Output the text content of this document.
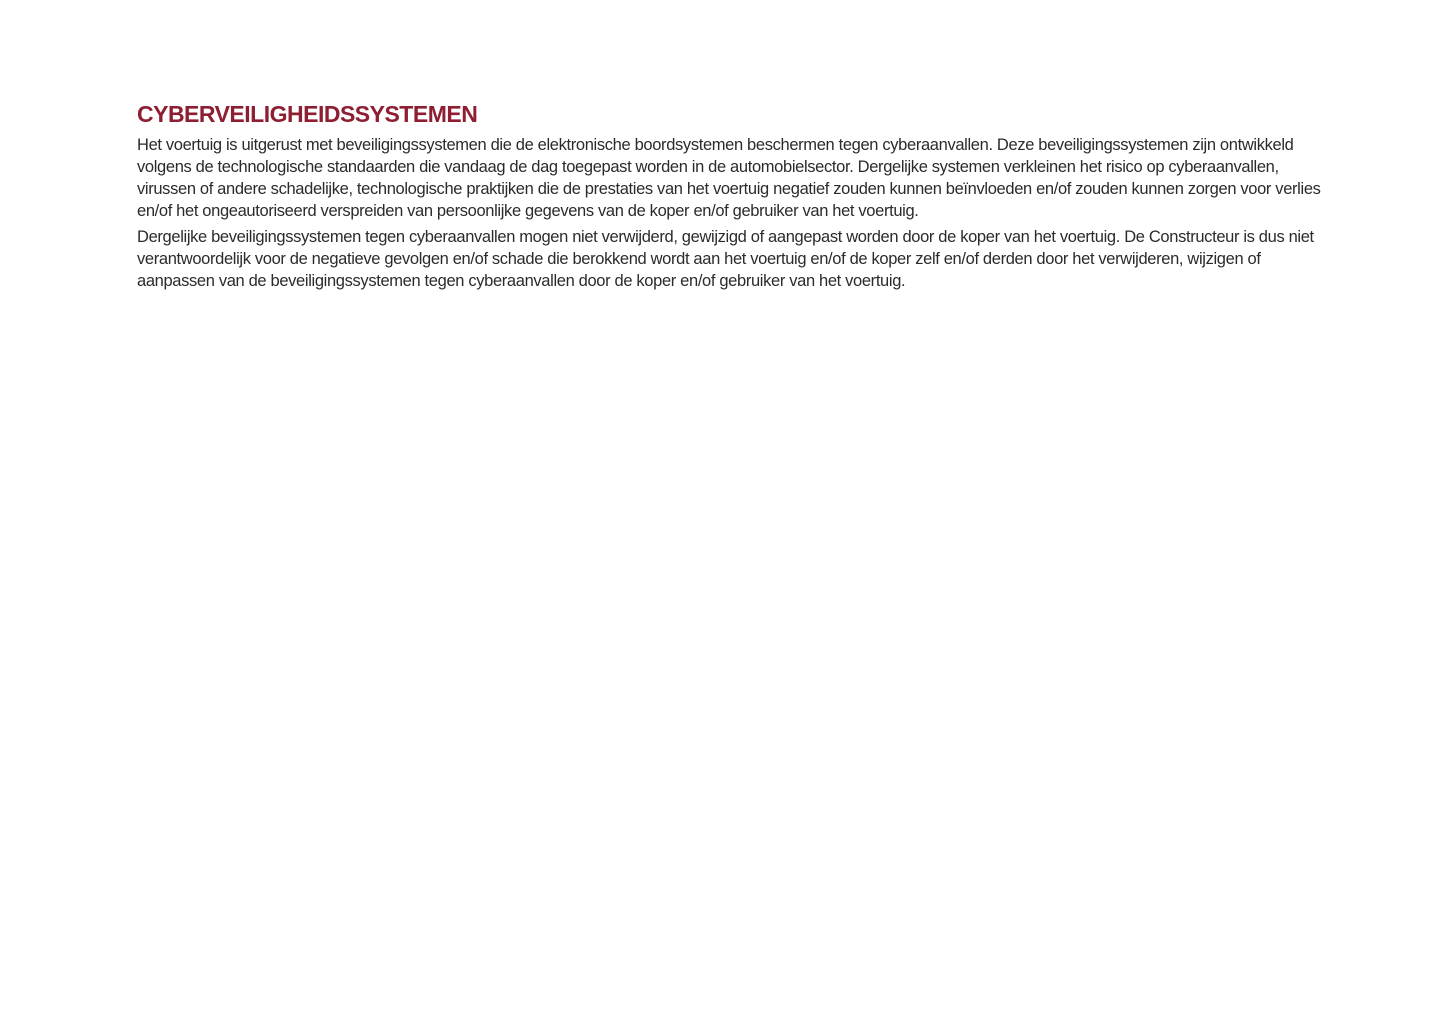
CYBERVEILIGHEIDSSYSTEMEN

Het voertuig is uitgerust met beveiligingssystemen die de elektronische boordsystemen beschermen tegen cyberaanvallen. Deze beveiligingssystemen zijn ontwikkeld volgens de technologische standaarden die vandaag de dag toegepast worden in de automobielsector. Dergelijke systemen verkleinen het risico op cyberaanvallen, virussen of andere schadelijke, technologische praktijken die de prestaties van het voertuig negatief zouden kunnen beïnvloeden en/of zouden kunnen zorgen voor verlies en/of het ongeautoriseerd verspreiden van persoonlijke gegevens van de koper en/of gebruiker van het voertuig.

Dergelijke beveiligingssystemen tegen cyberaanvallen mogen niet verwijderd, gewijzigd of aangepast worden door de koper van het voertuig. De Constructeur is dus niet verantwoordelijk voor de negatieve gevolgen en/of schade die berokkend wordt aan het voertuig en/of de koper zelf en/of derden door het verwijderen, wijzigen of aanpassen van de beveiligingssystemen tegen cyberaanvallen door de koper en/of gebruiker van het voertuig.
